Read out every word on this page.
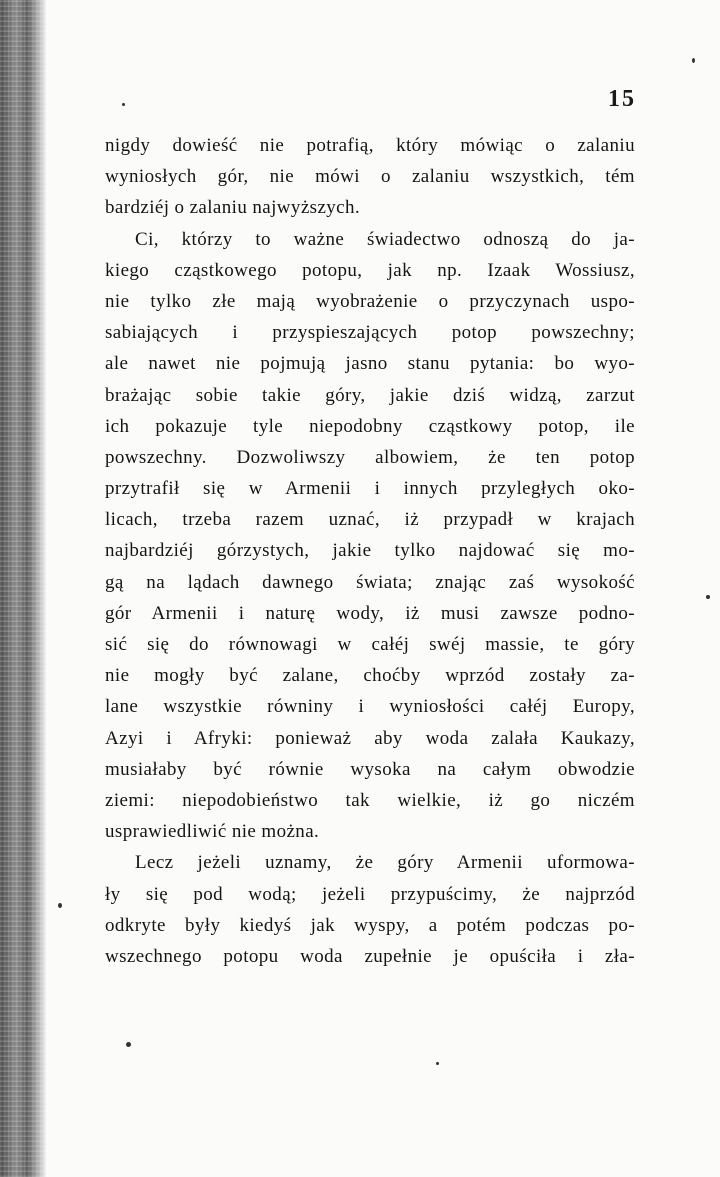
15
nigdy dowieść nie potrafią, który mówiąc o zalaniu
wyniosłych gór, nie mówi o zalaniu wszystkich, tém
bardziéj o zalaniu najwyższych.
Ci, którzy to ważne świadectwo odnoszą do ja-
kiego cząstkowego potopu, jak np. Izaak Wossiusz,
nie tylko złe mają wyobrażenie o przyczynach uspo-
sabiających i przyspieszających potop powszechny;
ale nawet nie pojmują jasno stanu pytania: bo wyo-
brażając sobie takie góry, jakie dziś widzą, zarzut
ich pokazuje tyle niepodobny cząstkowy potop, ile
powszechny. Dozwoliwszy albowiem, że ten potop
przytrafił się w Armenii i innych przyległych oko-
licach, trzeba razem uznać, iż przypadł w krajach
najbardziéj górzystych, jakie tylko najdować się mo-
gą na lądach dawnego świata; znając zaś wysokość
gór Armenii i naturę wody, iż musi zawsze podno-
sić się do równowagi w całéj swéj massie, te góry
nie mogły być zalane, choćby wprzód zostały za-
lane wszystkie równiny i wyniosłości całéj Europy,
Azyi i Afryki: ponieważ aby woda zalała Kaukazy,
musiałaby być równie wysoka na całym obwodzie
ziemi: niepodobieństwo tak wielkie, iż go niczém
usprawiedliwić nie można.
Lecz jeżeli uznamy, że góry Armenii uformowa-
ły się pod wodą; jeżeli przypuścimy, że najprzód
odkryte były kiedyś jak wyspy, a potém podczas po-
wszechnego potopu woda zupełnie je opuściła i zła-
